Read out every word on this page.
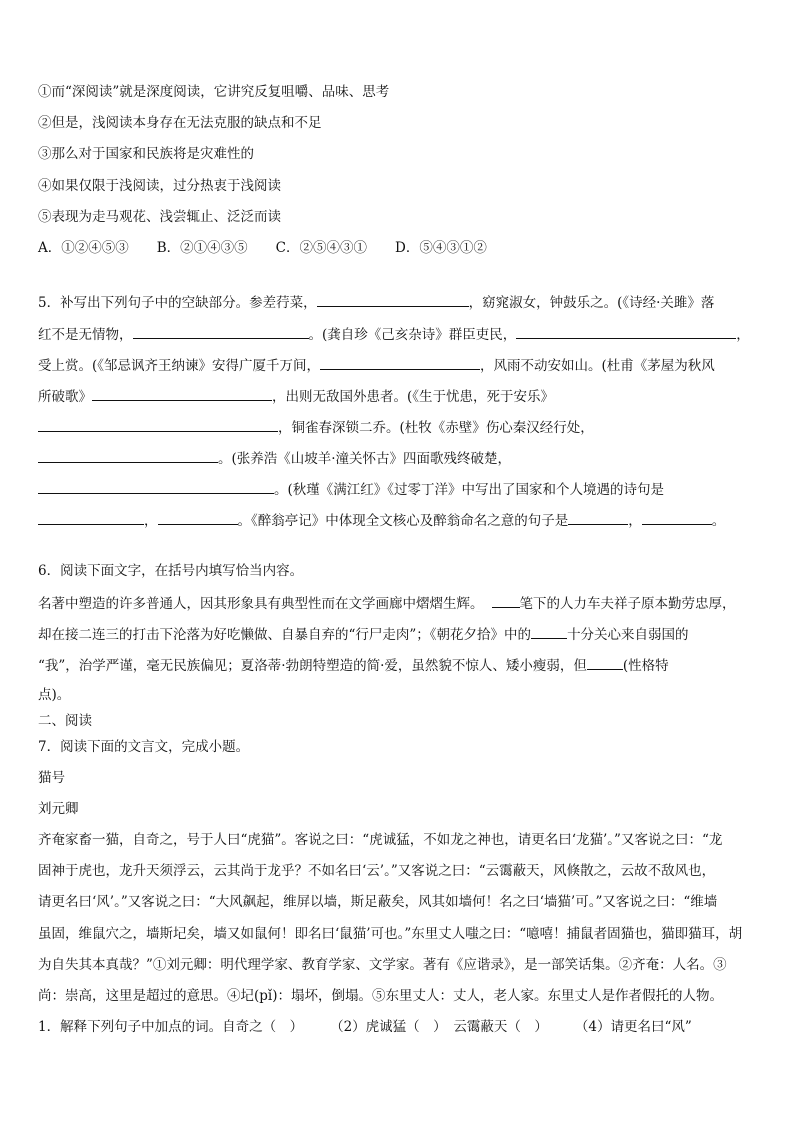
①而“深阅读”就是深度阅读，它讲究反复咀嚼、品味、思考
②但是，浅阅读本身存在无法克服的缺点和不足
③那么对于国家和民族将是灾难性的
④如果仅限于浅阅读，过分热衷于浅阅读
⑤表现为走马观花、浅尝辄止、泛泛而读
A．①②④⑤③ B．②①④③⑤ C．②⑤④③① D．⑤④③①②
5．补写出下列句子中的空缺部分。参差荇菜，	，窈窕淑女，钟鼓乐之。(《诗经·关雎》落
红不是无情物，	。(龚自珍《己亥杂诗》群臣吏民，	，
受上赏。(《邹忌讽齐王纳谏》安得广厦千万间，	，风雨不动安如山。(杜甫《茅屋为秋风
所破歌》	，出则无敌国外患者。(《生于忧患，死于安乐》
，铜雀春深锁二乔。(杜牧《赤壁》伤心秦汉经行处，
。(张养浩《山坡羊·潼关怀古》四面歌残终破楚，
。(秋瑾《满江红》《过零丁洋》中写出了国家和个人境遇的诗句是
，	。《醉翁亭记》中体现全文核心及醉翁命名之意的句子是	，	。
6．阅读下面文字，在括号内填写恰当内容。
名著中塑造的许多普通人，因其形象具有典型性而在文学画廊中熠熠生辉。	笔下的人力车夫祥子原本勤劳忠厚，
却在接二连三的打击下沦落为好吃懒做、自暴自弃的“行尸走肉”；《朝花夕拾》中的	十分关心来自弱国的
“我”，治学严谨，毫无民族偏见；夏洛蒂·勃朗特塑造的简·爱，虽然貌不惊人、矮小瘦弱，但	(性格特
点)。
二、阅读
7．阅读下面的文言文，完成小题。
猫号
刘元卿
齐奄家畜一猫，自奇之，号于人曰“虎猫”。客说之曰：“虎诚猛，不如龙之神也，请更名曰‘龙猫’。”又客说之曰：“龙
固神于虎也，龙升天须浮云，云其尚于龙乎？不如名曰‘云’。”又客说之曰：“云霭蔽天，风倏散之，云故不敌风也，
请更名曰‘风’。”又客说之曰：“大风飙起，维屏以墙，斯足蔽矣，风其如墙何！名之曰‘墙猫’可。”又客说之曰：“维墙
虽固，维鼠穴之，墙斯圮矣，墙又如鼠何！即名曰‘鼠猫’可也。”东里丈人嗤之曰：“噫嘻！捕鼠者固猫也，猫即猫耳，胡
为自失其本真哉？”①刘元卿：明代理学家、教育学家、文学家。著有《应谐录》，是一部笑话集。②齐奄：人名。③
尚：崇高，这里是超过的意思。④圮(pǐ)：塌坏，倒塌。⑤东里丈人：丈人，老人家。东里丈人是作者假托的人物。
1．解释下列句子中加点的词。自奇之（　）　　　（2）虎诚猛（　）　云霭蔽天（　）　　　（4）请更名曰“风”
